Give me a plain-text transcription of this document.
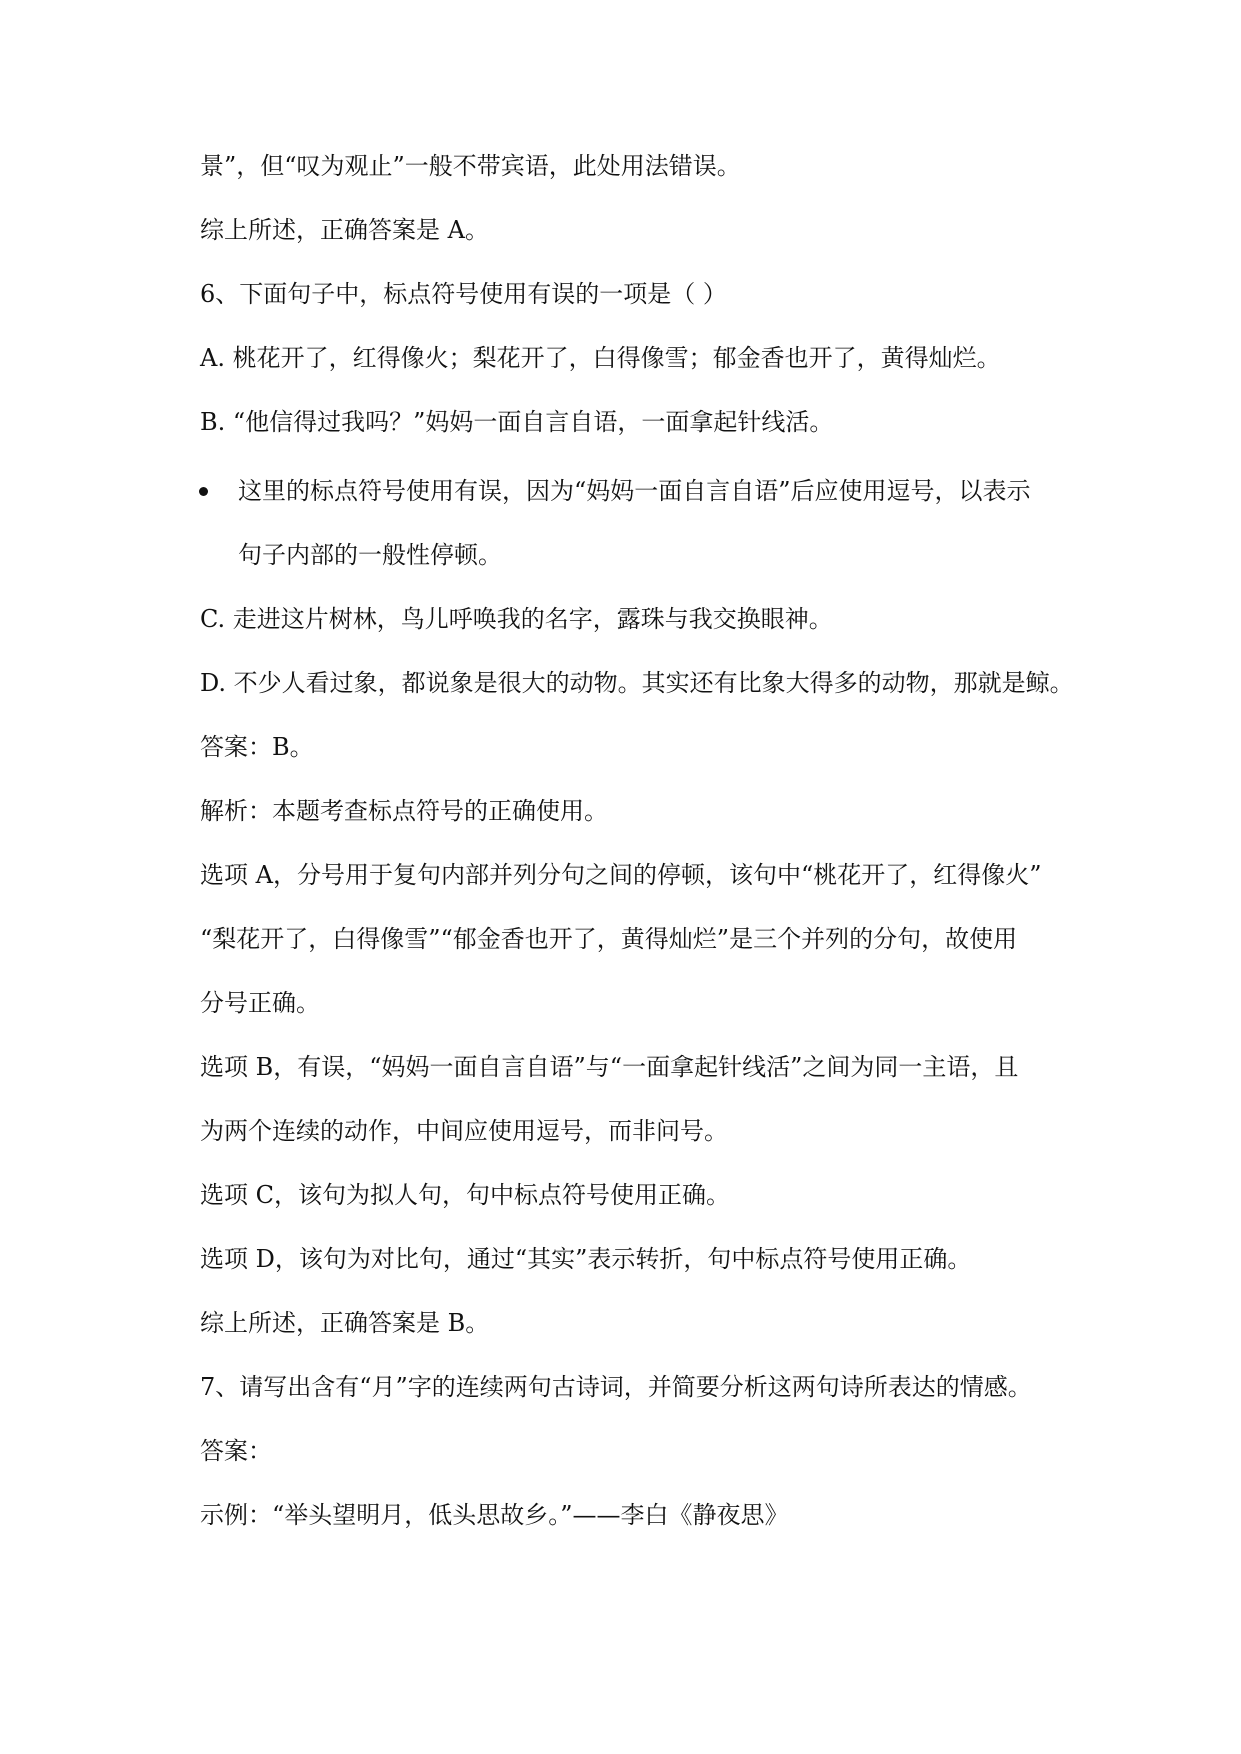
景”，但“叹为观止”一般不带宾语，此处用法错误。
综上所述，正确答案是 A。
6、下面句子中，标点符号使用有误的一项是（ ）
A. 桃花开了，红得像火；梨花开了，白得像雪；郁金香也开了，黄得灿烂。
B. “他信得过我吗？”妈妈一面自言自语，一面拿起针线活。
这里的标点符号使用有误，因为“妈妈一面自言自语”后应使用逗号，以表示
句子内部的一般性停顿。
C. 走进这片树林，鸟儿呼唤我的名字，露珠与我交换眼神。
D. 不少人看过象，都说象是很大的动物。其实还有比象大得多的动物，那就是鲸。
答案：B。
解析：本题考查标点符号的正确使用。
选项 A，分号用于复句内部并列分句之间的停顿，该句中“桃花开了，红得像火”
“梨花开了，白得像雪”“郁金香也开了，黄得灿烂”是三个并列的分句，故使用
分号正确。
选项 B，有误，“妈妈一面自言自语”与“一面拿起针线活”之间为同一主语，且
为两个连续的动作，中间应使用逗号，而非问号。
选项 C，该句为拟人句，句中标点符号使用正确。
选项 D，该句为对比句，通过“其实”表示转折，句中标点符号使用正确。
综上所述，正确答案是 B。
7、请写出含有“月”字的连续两句古诗词，并简要分析这两句诗所表达的情感。
答案：
示例：“举头望明月，低头思故乡。”——李白《静夜思》
